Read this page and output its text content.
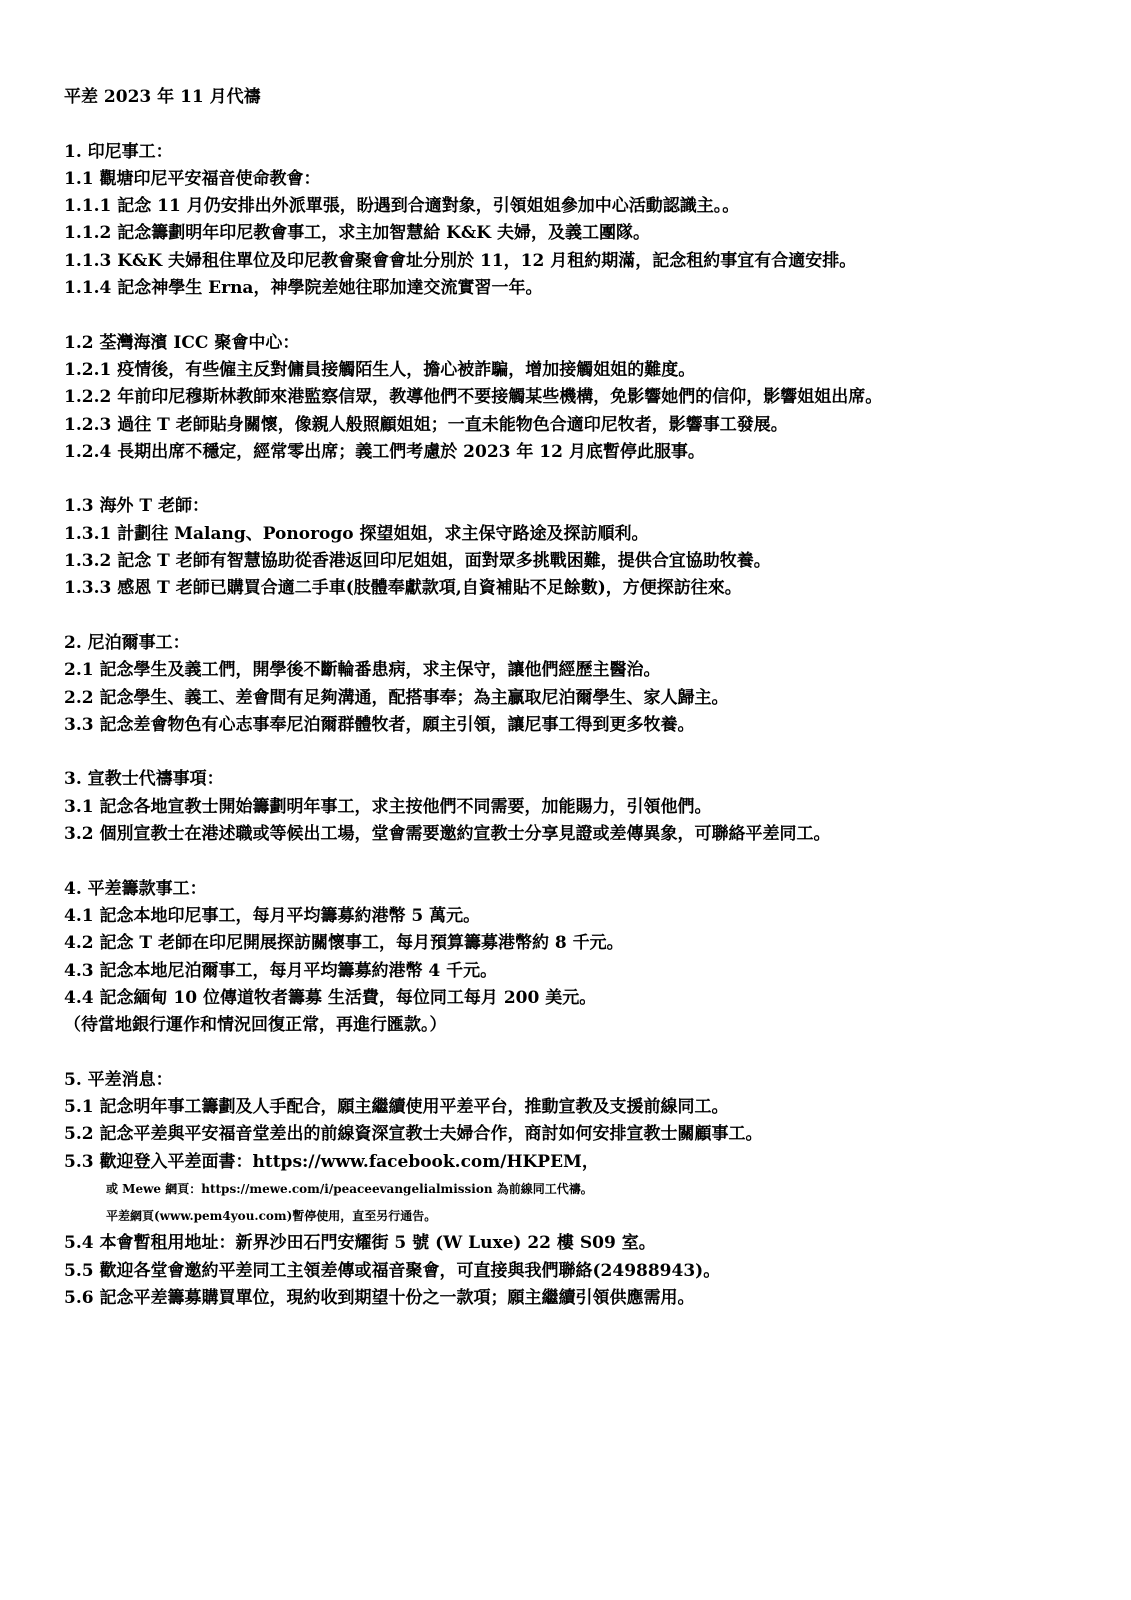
平差 2023 年 11 月代禱
1. 印尼事工：
1.1 觀塘印尼平安福音使命教會：
1.1.1 記念 11 月仍安排出外派單張，盼遇到合適對象，引領姐姐參加中心活動認識主。。
1.1.2 記念籌劃明年印尼教會事工，求主加智慧給 K&K 夫婦，及義工團隊。
1.1.3 K&K 夫婦租住單位及印尼教會聚會會址分別於 11，12 月租約期滿，記念租約事宜有合適安排。
1.1.4 記念神學生 Erna，神學院差她往耶加達交流實習一年。
1.2 荃灣海濱 ICC 聚會中心：
1.2.1 疫情後，有些僱主反對傭員接觸陌生人，擔心被詐騙，增加接觸姐姐的難度。
1.2.2 年前印尼穆斯林教師來港監察信眾，教導他們不要接觸某些機構，免影響她們的信仰，影響姐姐出席。
1.2.3 過往 T 老師貼身關懷，像親人般照顧姐姐；一直未能物色合適印尼牧者，影響事工發展。
1.2.4 長期出席不穩定，經常零出席；義工們考慮於 2023 年 12 月底暫停此服事。
1.3 海外 T 老師：
1.3.1 計劃往 Malang、Ponorogo 探望姐姐，求主保守路途及探訪順利。
1.3.2 記念 T 老師有智慧協助從香港返回印尼姐姐，面對眾多挑戰困難，提供合宜協助牧養。
1.3.3 感恩 T 老師已購買合適二手車(肢體奉獻款項,自資補貼不足餘數)，方便探訪往來。
2. 尼泊爾事工：
2.1 記念學生及義工們，開學後不斷輪番患病，求主保守，讓他們經歷主醫治。
2.2 記念學生、義工、差會間有足夠溝通，配搭事奉；為主贏取尼泊爾學生、家人歸主。
3.3 記念差會物色有心志事奉尼泊爾群體牧者，願主引領，讓尼事工得到更多牧養。
3. 宣教士代禱事項：
3.1 記念各地宣教士開始籌劃明年事工，求主按他們不同需要，加能賜力，引領他們。
3.2 個別宣教士在港述職或等候出工場，堂會需要邀約宣教士分享見證或差傳異象，可聯絡平差同工。
4. 平差籌款事工：
4.1 記念本地印尼事工，每月平均籌募約港幣 5 萬元。
4.2 記念 T 老師在印尼開展探訪關懷事工，每月預算籌募港幣約 8 千元。
4.3 記念本地尼泊爾事工，每月平均籌募約港幣 4 千元。
4.4 記念緬甸 10 位傳道牧者籌募 生活費，每位同工每月 200 美元。
（待當地銀行運作和情況回復正常，再進行匯款。）
5. 平差消息：
5.1 記念明年事工籌劃及人手配合，願主繼續使用平差平台，推動宣教及支援前線同工。
5.2 記念平差與平安福音堂差出的前線資深宣教士夫婦合作，商討如何安排宣教士關顧事工。
5.3 歡迎登入平差面書：https://www.facebook.com/HKPEM，
或 Mewe 網頁：https://mewe.com/i/peaceevangelialmission 為前線同工代禱。
平差網頁(www.pem4you.com)暫停使用，直至另行通告。
5.4 本會暫租用地址：新界沙田石門安耀街 5 號 (W Luxe) 22 樓 S09 室。
5.5 歡迎各堂會邀約平差同工主領差傳或福音聚會，可直接與我們聯絡(24988943)。
5.6 記念平差籌募購買單位，現約收到期望十份之一款項；願主繼續引領供應需用。
